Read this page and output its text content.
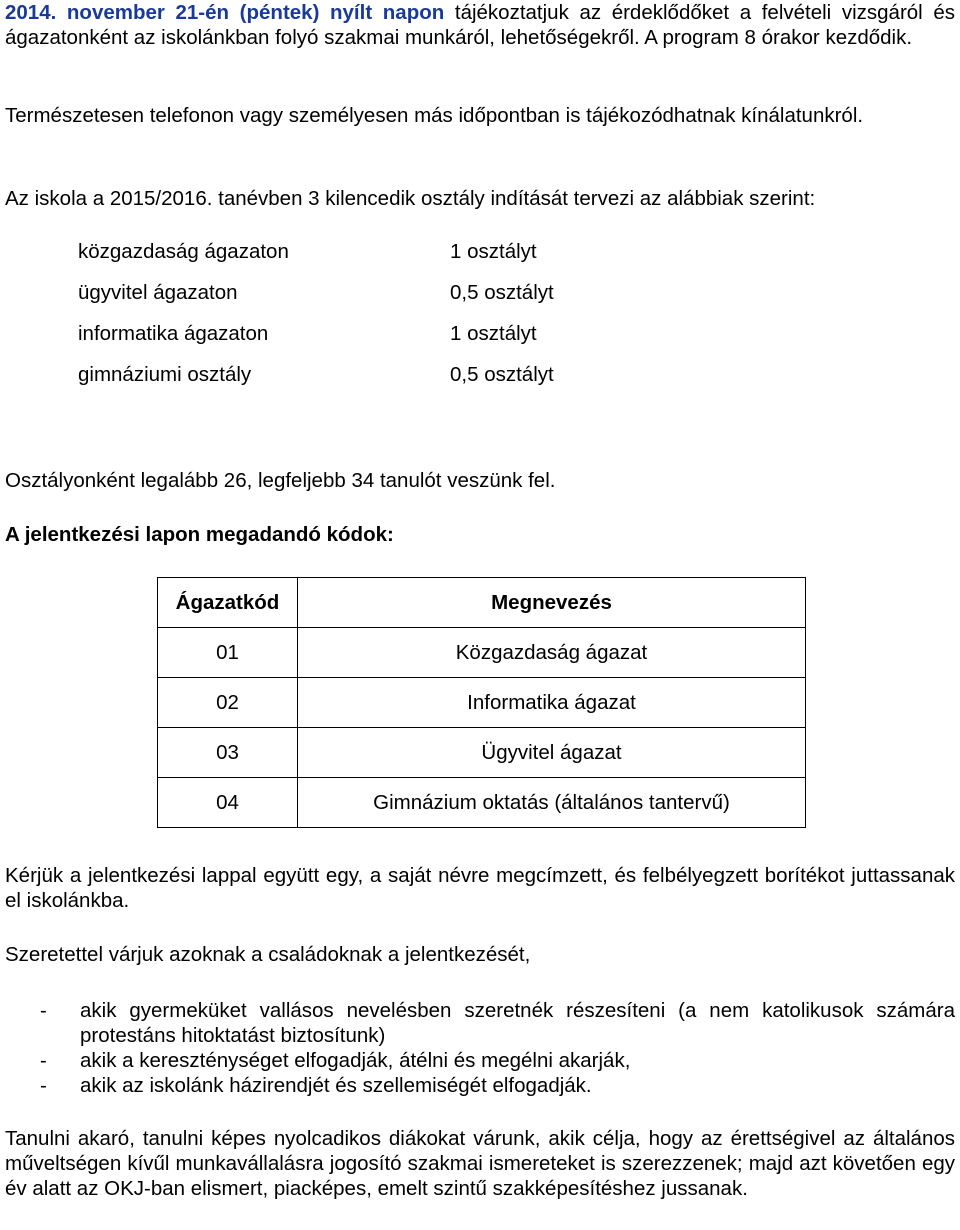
2014. november 21-én (péntek) nyílt napon tájékoztatjuk az érdeklődőket a felvételi vizsgáról és ágazatonként az iskolánkban folyó szakmai munkáról, lehetőségekről. A program 8 órakor kezdődik.

Természetesen telefonon vagy személyesen más időpontban is tájékozódhatnak kínálatunkról.

Az iskola a 2015/2016. tanévben 3 kilencedik osztály indítását tervezi az alábbiak szerint:

közgazdaság ágazaton	1 osztályt
ügyvitel ágazaton	0,5 osztályt
informatika ágazaton	1 osztályt
gimnáziumi osztály	0,5 osztályt

Osztályonként legalább 26, legfeljebb 34 tanulót veszünk fel.

A jelentkezési lapon megadandó kódok:

Ágazatkód	Megnevezés
01	Közgazdaság ágazat
02	Informatika ágazat
03	Ügyvitel ágazat
04	Gimnázium oktatás (általános tantervű)

Kérjük a jelentkezési lappal együtt egy, a saját névre megcímzett, és felbélyegzett borítékot juttassanak el iskolánkba.

Szeretettel várjuk azoknak a családoknak a jelentkezését,

-	akik gyermeküket vallásos nevelésben szeretnék részesíteni (a nem katolikusok számára protestáns hitoktatást biztosítunk)
-	akik a kereszténységet elfogadják, átélni és megélni akarják,
-	akik az iskolánk házirendjét és szellemiségét elfogadják.

Tanulni akaró, tanulni képes nyolcadikos diákokat várunk, akik célja, hogy az érettségivel az általános műveltségen kívűl munkavállalásra jogosító szakmai ismereteket is szerezzenek; majd azt követően egy év alatt az OKJ-ban elismert, piacképes, emelt szintű szakképesítéshez jussanak.
